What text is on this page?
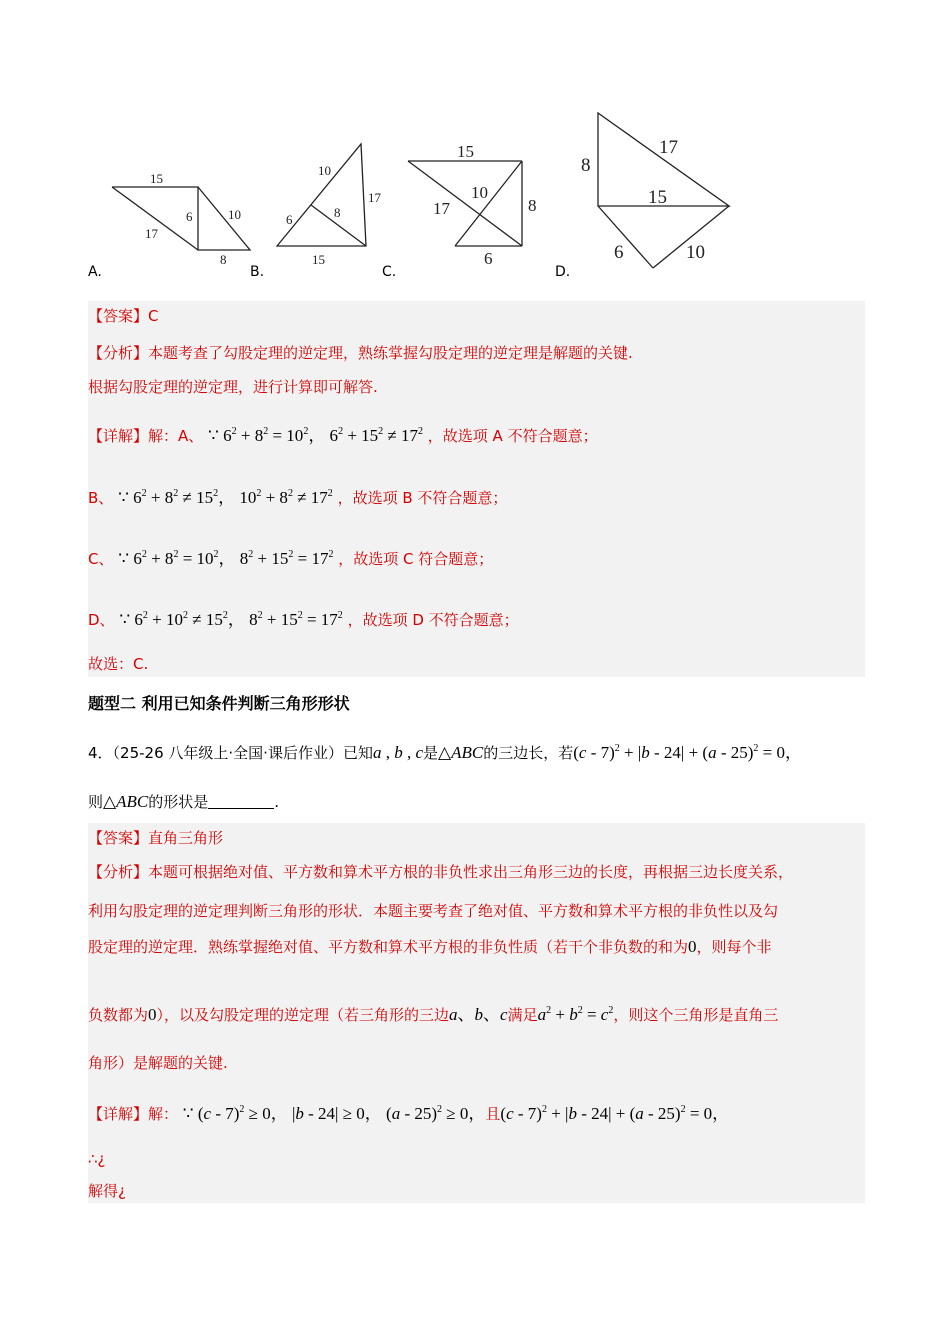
15
6	10
17
8
A.
10
17
6	8
15
B.
15
10
17	8
6
C.
8
17
15
6	10
D.
【答案】C
【分析】本题考查了勾股定理的逆定理，熟练掌握勾股定理的逆定理是解题的关键.
根据勾股定理的逆定理，进行计算即可解答.
【详解】解：A、 ∵ $6^2 + 8^2 = 10^2$， $6^2 + 15^2 \ne 17^2$ ，故选项 A 不符合题意；
B、 ∵ $6^2 + 8^2 \ne 15^2$， $10^2 + 8^2 \ne 17^2$ ，故选项 B 不符合题意；
C、 ∵ $6^2 + 8^2 = 10^2$， $8^2 + 15^2 = 17^2$ ，故选项 C 符合题意；
D、 ∵ $6^2 + 10^2 \ne 15^2$， $8^2 + 15^2 = 17^2$ ，故选项 D 不符合题意；
故选：C.
题型二 利用已知条件判断三角形形状
4．（25-26 八年级上·全国·课后作业）已知a , b , c是△ABC的三边长，若(c - 7)$^2$ + |b - 24| + (a - 25)$^2$ = 0，
则△ABC的形状是	.
【答案】直角三角形
【分析】本题可根据绝对值、平方数和算术平方根的非负性求出三角形三边的长度，再根据三边长度关系，
利用勾股定理的逆定理判断三角形的形状．本题主要考查了绝对值、平方数和算术平方根的非负性以及勾
股定理的逆定理．熟练掌握绝对值、平方数和算术平方根的非负性质（若干个非负数的和为0，则每个非
负数都为0），以及勾股定理的逆定理（若三角形的三边a、b、c满足$a^2 + b^2 = c^2$，则这个三角形是直角三
角形）是解题的关键.
【详解】解： ∵ (c - 7)$^2$ ≥ 0， |b - 24| ≥ 0， (a - 25)$^2$ ≥ 0，且(c - 7)$^2$ + |b - 24| + (a - 25)$^2$ = 0，
∴¿
解得¿
